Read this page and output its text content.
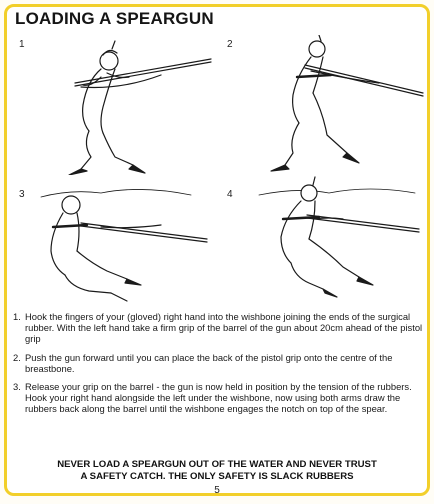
LOADING A SPEARGUN
1	2
3	4
1. Hook the fingers of your (gloved) right hand into the wishbone joining the ends of the surgical rubber. With the left hand take a firm grip of the barrel of the gun about 20cm ahead of the pistol grip
2. Push the gun forward until you can place the back of the pistol grip onto the centre of the breastbone.
3. Release your grip on the barrel - the gun is now held in position by the tension of the rubbers. Hook your right hand alongside the left under the wishbone, now using both arms draw the rubbers back along the barrel until the wishbone engages the notch on top of the spear.
NEVER LOAD A SPEARGUN OUT OF THE WATER AND NEVER TRUST
A SAFETY CATCH. THE ONLY SAFETY IS SLACK RUBBERS
5
